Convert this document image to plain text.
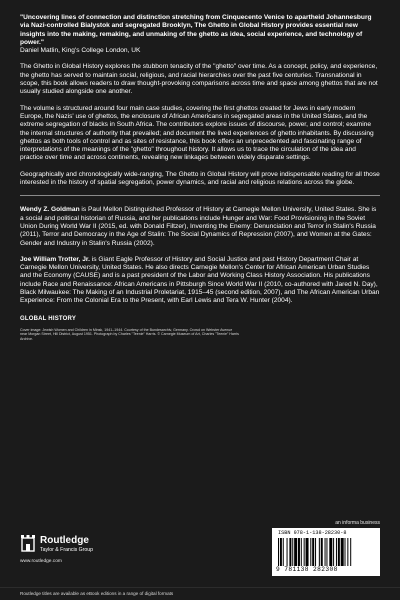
"Uncovering lines of connection and distinction stretching from Cinquecento Venice to apartheid Johannesburg via Nazi-controlled Bialystok and segregated Brooklyn, The Ghetto in Global History provides essential new insights into the making, remaking, and unmaking of the ghetto as idea, social experience, and technology of power."

Daniel Matlin, King's College London, UK

The Ghetto in Global History explores the stubborn tenacity of the "ghetto" over time. As a concept, policy, and experience, the ghetto has served to maintain social, religious, and racial hierarchies over the past five centuries. Transnational in scope, this book allows readers to draw thought-provoking comparisons across time and space among ghettos that are not usually studied alongside one another.

The volume is structured around four main case studies, covering the first ghettos created for Jews in early modern Europe, the Nazis' use of ghettos, the enclosure of African Americans in segregated areas in the United States, and the extreme segregation of blacks in South Africa. The contributors explore issues of discourse, power, and control; examine the internal structures of authority that prevailed; and document the lived experiences of ghetto inhabitants. By discussing ghettos as both tools of control and as sites of resistance, this book offers an unprecedented and fascinating range of interpretations of the meanings of the "ghetto" throughout history. It allows us to trace the circulation of the idea and practice over time and across continents, revealing new linkages between widely disparate settings.

Geographically and chronologically wide-ranging, The Ghetto in Global History will prove indispensable reading for all those interested in the history of spatial segregation, power dynamics, and racial and religious relations across the globe.

Wendy Z. Goldman is Paul Mellon Distinguished Professor of History at Carnegie Mellon University, United States. She is a social and political historian of Russia, and her publications include Hunger and War: Food Provisioning in the Soviet Union During World War II (2015, ed. with Donald Filtzer), Inventing the Enemy: Denunciation and Terror in Stalin's Russia (2011), Terror and Democracy in the Age of Stalin: The Social Dynamics of Repression (2007), and Women at the Gates: Gender and Industry in Stalin's Russia (2002).

Joe William Trotter, Jr. is Giant Eagle Professor of History and Social Justice and past History Department Chair at Carnegie Mellon University, United States. He also directs Carnegie Mellon's Center for African American Urban Studies and the Economy (CAUSE) and is a past president of the Labor and Working Class History Association. His publications include Race and Renaissance: African Americans in Pittsburgh Since World War II (2010, co-authored with Jared N. Day), Black Milwaukee: The Making of an Industrial Proletariat, 1915–45 (second edition, 2007), and The African American Urban Experience: From the Colonial Era to the Present, with Earl Lewis and Tera W. Hunter (2004).

GLOBAL HISTORY
Cover image: Jewish Women and Children in Minsk, 1941–1944. Courtesy of the Bundesarchiv, Germany. Crowd on Webster Avenue near Morgan Street, Hill District, August 1951. Photograph by Charles "Teenie" Harris. © Carnegie Museum of Art, Charles "Teenie" Harris Archive.
Routledge
Taylor & Francis Group
www.routledge.com
an informa business
ISBN 978-1-138-28230-8
9 781138 282308
Routledge titles are available as eBook editions in a range of digital formats
